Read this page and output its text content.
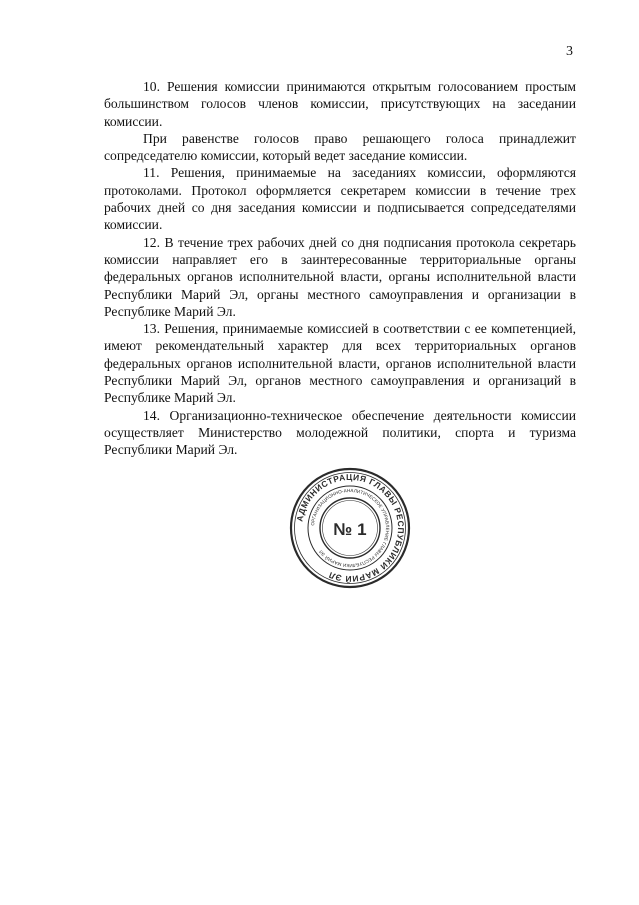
3

10. Решения комиссии принимаются открытым голосованием простым большинством голосов членов комиссии, присутствующих на заседании комиссии.

При равенстве голосов право решающего голоса принадлежит сопредседателю комиссии, который ведет заседание комиссии.

11. Решения, принимаемые на заседаниях комиссии, оформляются протоколами. Протокол оформляется секретарем комиссии в течение трех рабочих дней со дня заседания комиссии и подписывается сопредседателями комиссии.

12. В течение трех рабочих дней со дня подписания протокола секретарь комиссии направляет его в заинтересованные территориальные органы федеральных органов исполнительной власти, органы исполнительной власти Республики Марий Эл, органы местного самоуправления и организации в Республике Марий Эл.

13. Решения, принимаемые комиссией в соответствии с ее компетенцией, имеют рекомендательный характер для всех территориальных органов федеральных органов исполнительной власти, органов исполнительной власти Республики Марий Эл, органов местного самоуправления и организаций в Республике Марий Эл.

14. Организационно-техническое обеспечение деятельности комиссии осуществляет Министерство молодежной политики, спорта и туризма Республики Марий Эл.

АДМИНИСТРАЦИЯ ГЛАВЫ РЕСПУБЛИКИ МАРИЙ ЭЛ
ОРГАНИЗАЦИОННО-АНАЛИТИЧЕСКОЕ УПРАВЛЕНИЕ ГЛАВЫ РЕСПУБЛИКИ МАРИЙ ЭЛ
№ 1
